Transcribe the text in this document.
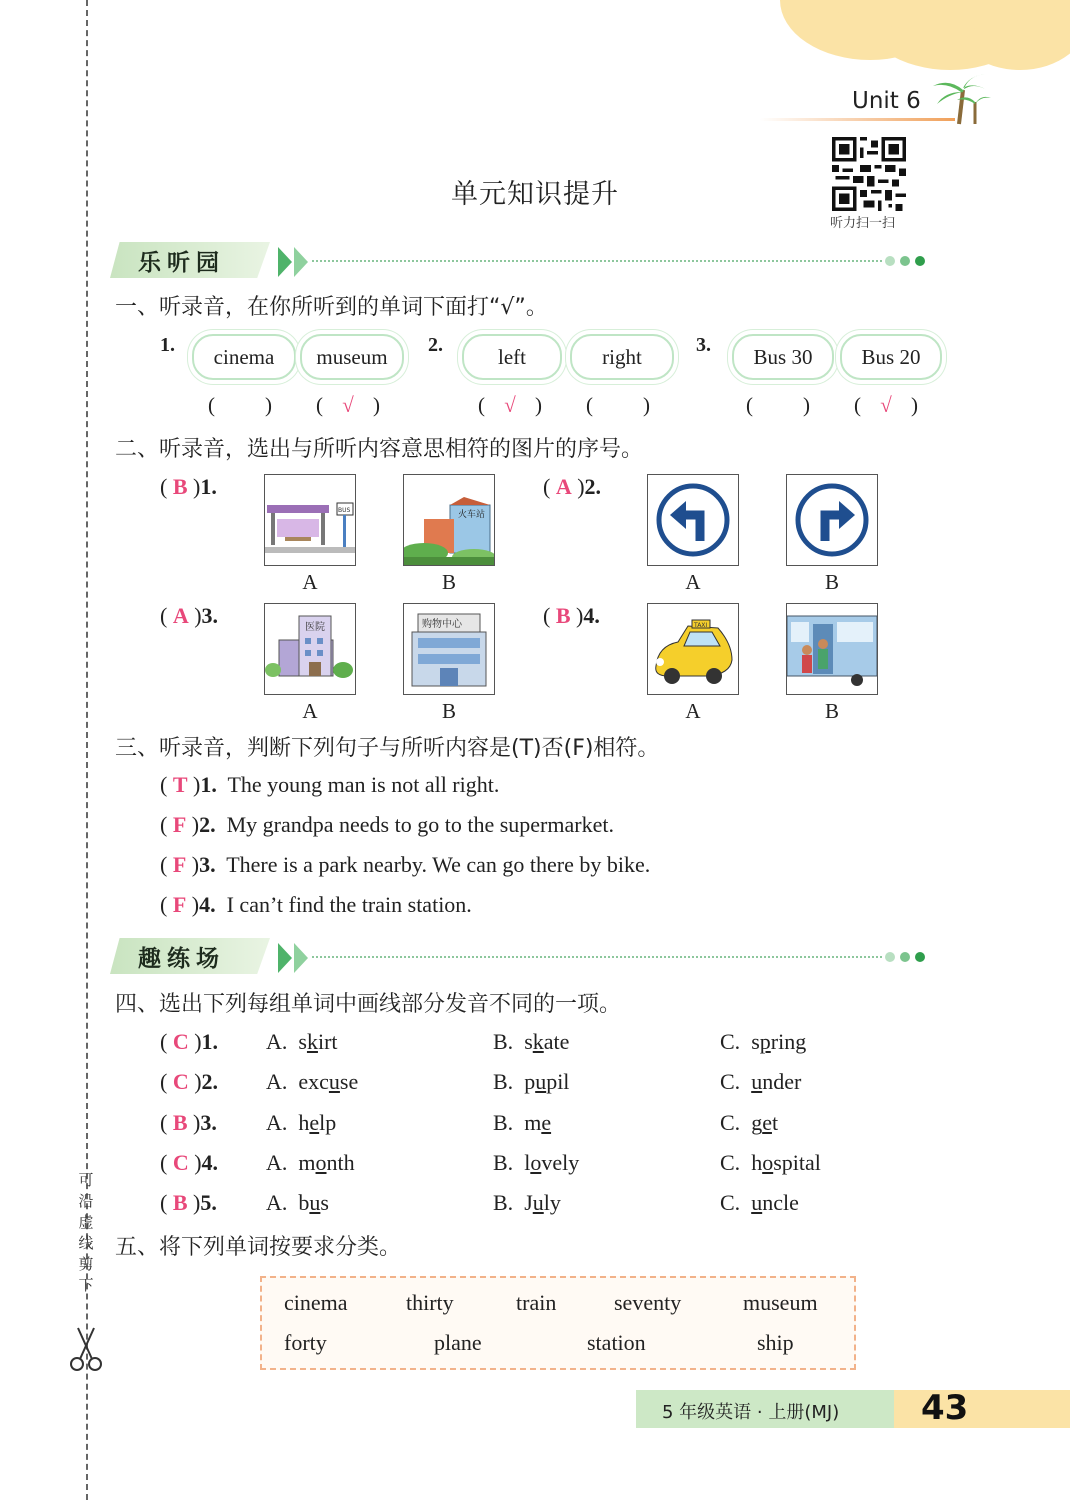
Unit 6
单元知识提升
听力扫一扫
可沿虚线剪下
乐听园
一、听录音，在你所听到的单词下面打“√”。
1.	cinema	museum	2.	left	right	3.	Bus 30	Bus 20
( ) ( √ )	( √ ) ( )	( ) ( √ )
二、听录音，选出与所听内容意思相符的图片的序号。
( B )1.
BUS	火车站
A	B
( A )2.
A	B
( A )3.	医院	购物中心
A	B
( B )4.	TAXI
A	B
三、听录音，判断下列句子与所听内容是(T)否(F)相符。
( T )1. The young man is not all right.
( F )2. My grandpa needs to go to the supermarket.
( F )3. There is a park nearby. We can go there by bike.
( F )4. I can’t find the train station.
趣练场
四、选出下列每组单词中画线部分发音不同的一项。
( C )1. A. skirt	B. skate	C. spring
( C )2. A. excuse	B. pupil	C. under
( B )3. A. help	B. me	C. get
( C )4. A. month	B. lovely	C. hospital
( B )5. A. bus	B. July	C. uncle
五、将下列单词按要求分类。
cinema	thirty	train	seventy	museum
forty	plane	station	ship
5 年级英语 · 上册(MJ) 43
